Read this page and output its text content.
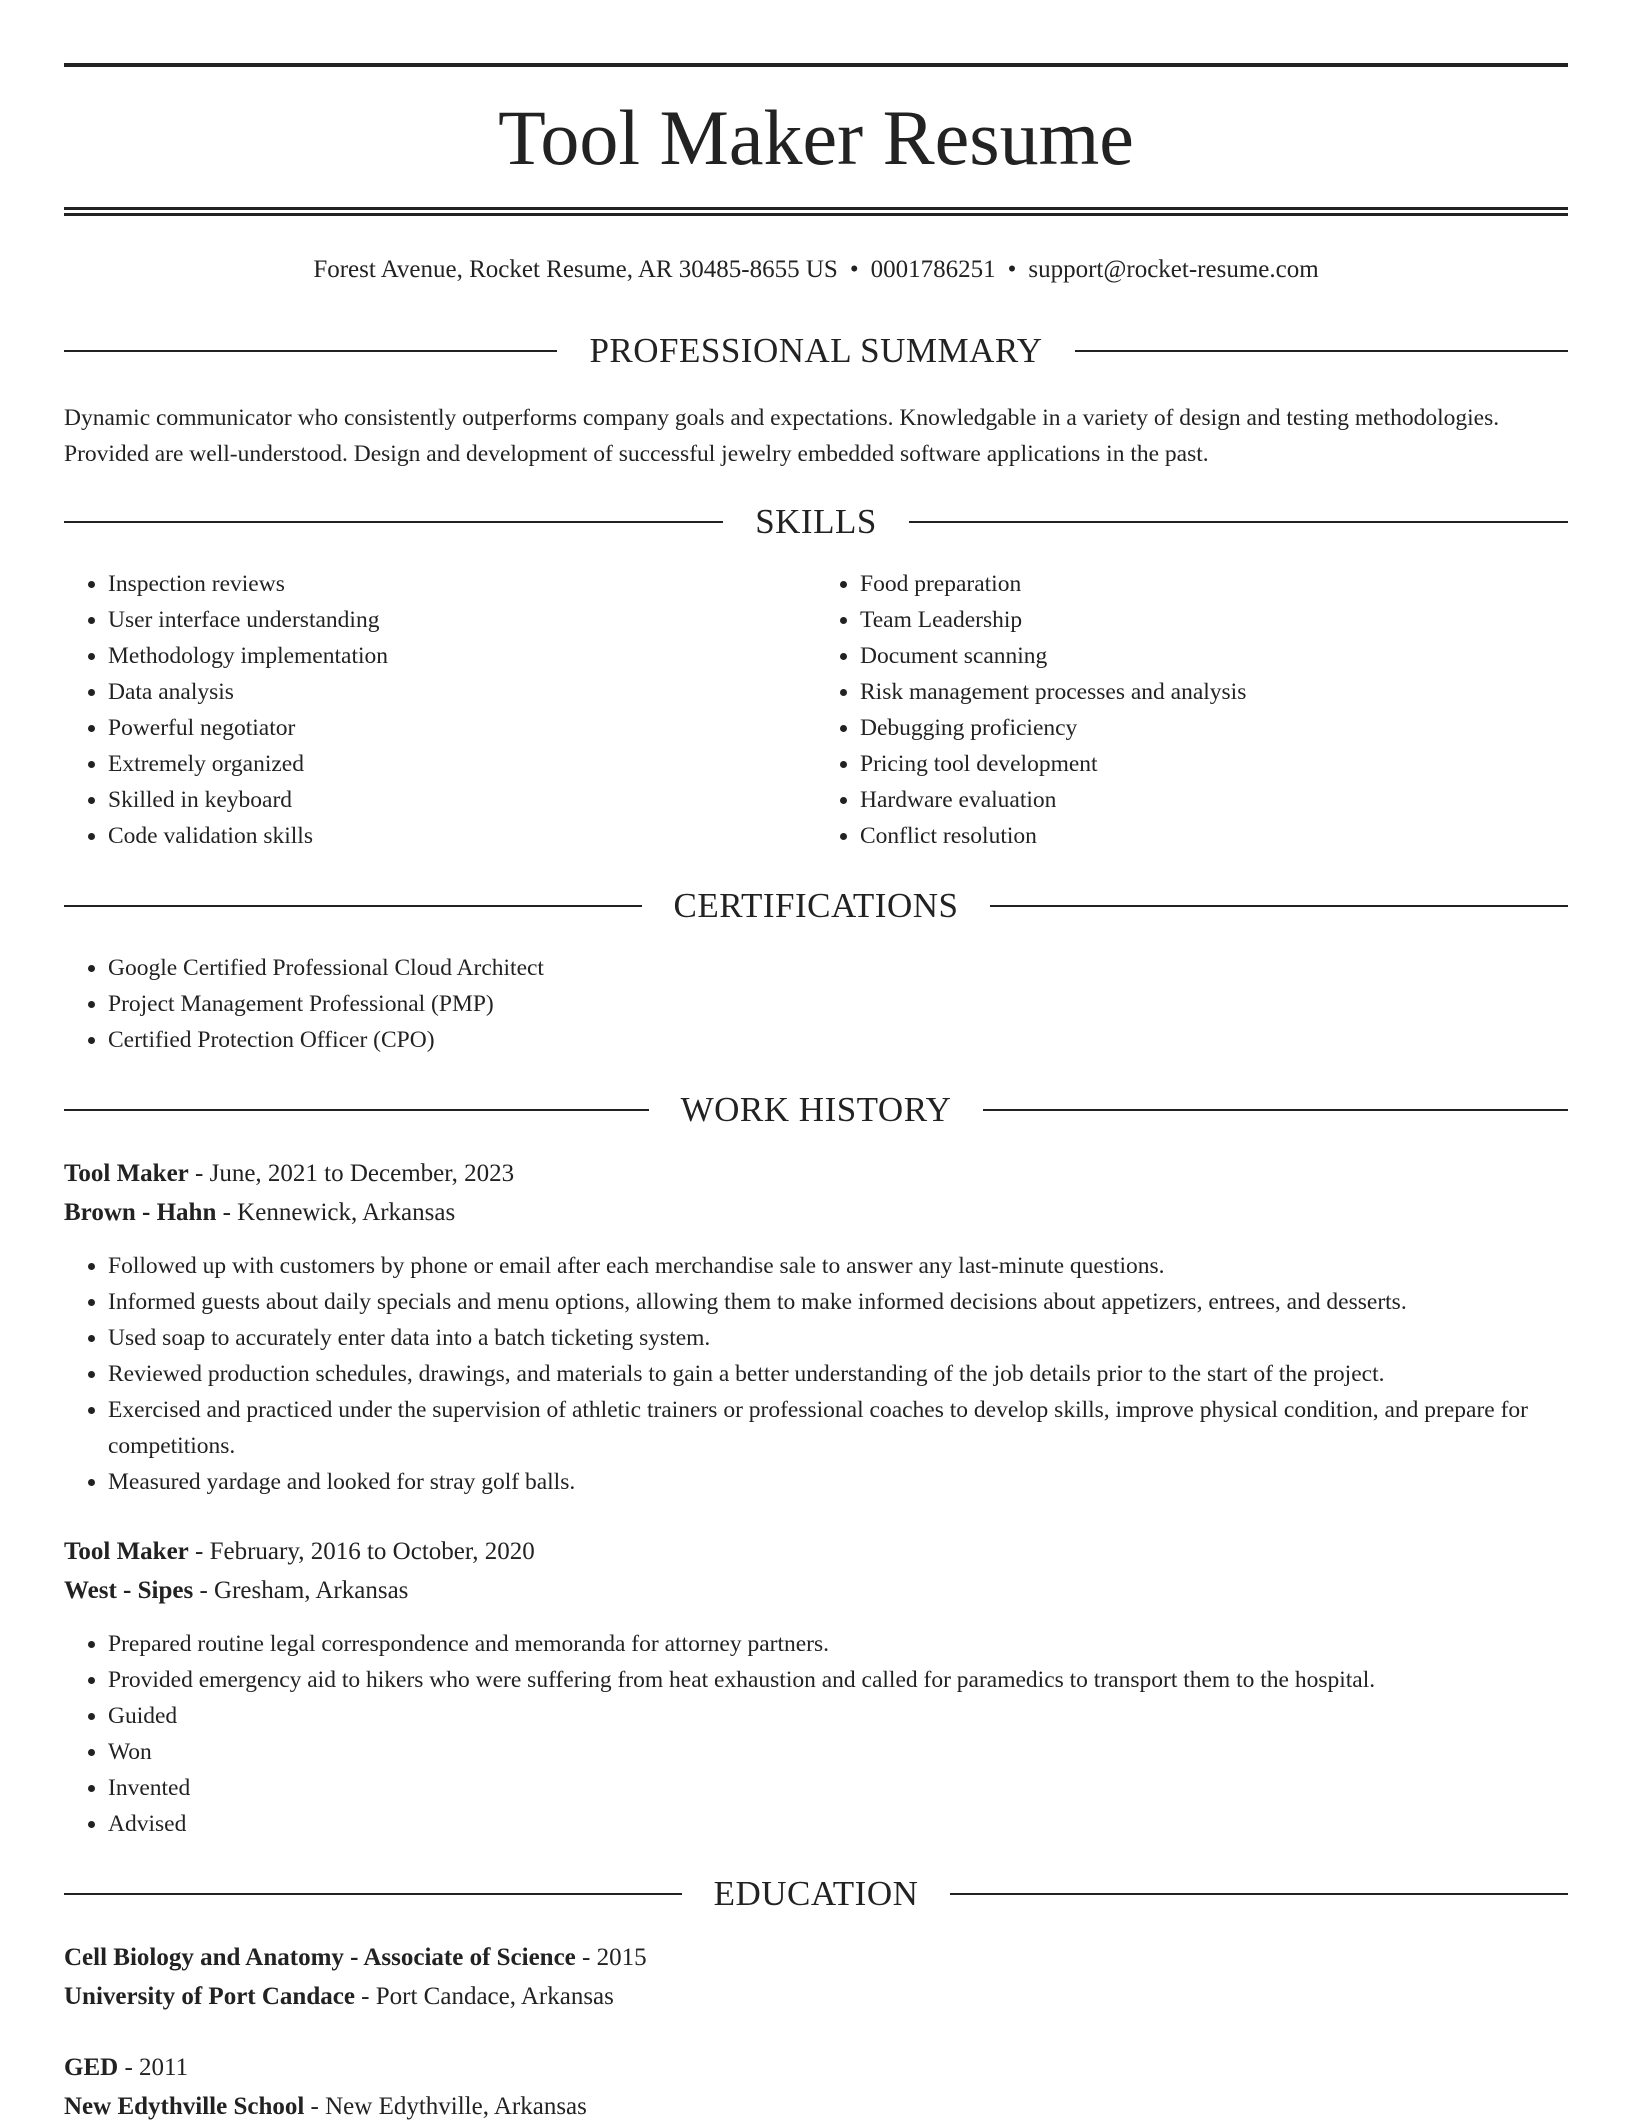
Tool Maker Resume
Forest Avenue, Rocket Resume, AR 30485-8655 US • 0001786251 • support@rocket-resume.com
PROFESSIONAL SUMMARY

Dynamic communicator who consistently outperforms company goals and expectations. Knowledgable in a variety of design and testing methodologies. Provided are well-understood. Design and development of successful jewelry embedded software applications in the past.

SKILLS
• Inspection reviews
• User interface understanding
• Methodology implementation
• Data analysis
• Powerful negotiator
• Extremely organized
• Skilled in keyboard
• Code validation skills
• Food preparation
• Team Leadership
• Document scanning
• Risk management processes and analysis
• Debugging proficiency
• Pricing tool development
• Hardware evaluation
• Conflict resolution
CERTIFICATIONS
• Google Certified Professional Cloud Architect
• Project Management Professional (PMP)
• Certified Protection Officer (CPO)
WORK HISTORY
Tool Maker - June, 2021 to December, 2023
Brown - Hahn - Kennewick, Arkansas
• Followed up with customers by phone or email after each merchandise sale to answer any last-minute questions.
• Informed guests about daily specials and menu options, allowing them to make informed decisions about appetizers, entrees, and desserts.
• Used soap to accurately enter data into a batch ticketing system.
• Reviewed production schedules, drawings, and materials to gain a better understanding of the job details prior to the start of the project.
• Exercised and practiced under the supervision of athletic trainers or professional coaches to develop skills, improve physical condition, and prepare for competitions.
• Measured yardage and looked for stray golf balls.
Tool Maker - February, 2016 to October, 2020
West - Sipes - Gresham, Arkansas
• Prepared routine legal correspondence and memoranda for attorney partners.
• Provided emergency aid to hikers who were suffering from heat exhaustion and called for paramedics to transport them to the hospital.
• Guided
• Won
• Invented
• Advised
EDUCATION
Cell Biology and Anatomy - Associate of Science - 2015
University of Port Candace - Port Candace, Arkansas
GED - 2011
New Edythville School - New Edythville, Arkansas
